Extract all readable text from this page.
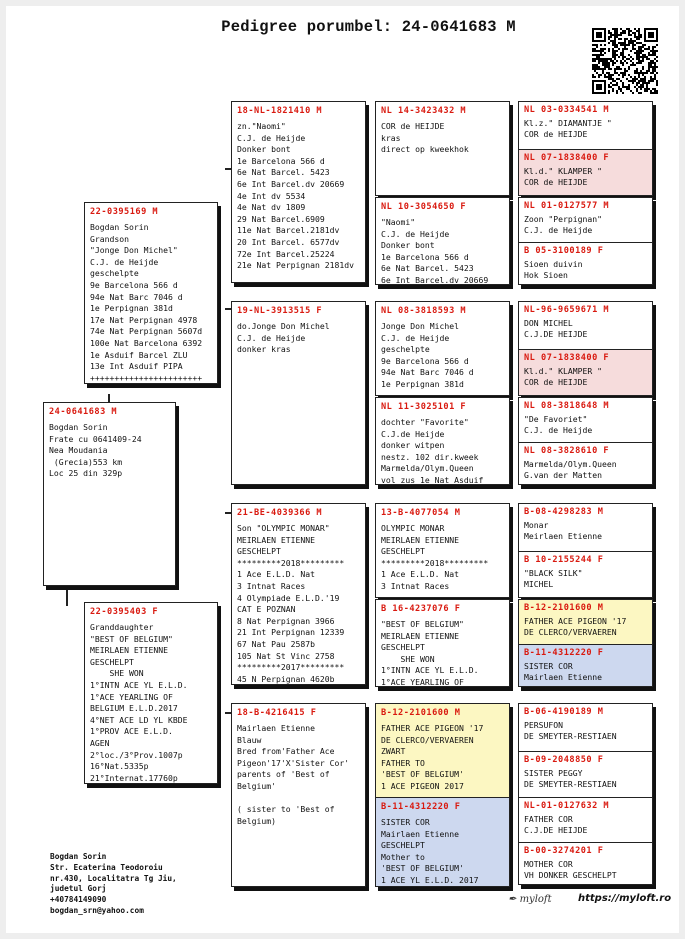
Pedigree porumbel: 24-0641683 M
24-0641683 M
Bogdan Sorin
Frate cu 0641409-24
Nea Moudania
(Grecia)553 km
Loc 25 din 329p
22-0395169 M
Bogdan Sorin
Grandson
"Jonge Don Michel"
C.J. de Heijde
geschelpte
9e Barcelona 566 d
94e Nat Barc 7046 d
1e Perpignan 381d
17e Nat Perpignan 4978
74e Nat Perpignan 5607d
100e Nat Barcelona 6392
1e Asduif Barcel ZLU
13e Int Asduif PIPA
+++++++++++++++++++++++
22-0395403 F
Granddaughter
"BEST OF BELGIUM"
MEIRLAEN ETIENNE
GESCHELPT
SHE WON
1°INTN ACE YL E.L.D.
1°ACE YEARLING OF
BELGIUM E.L.D.2017
4°NET ACE LD YL KBDE
1°PROV ACE E.L.D.
AGEN
2°loc./3°Prov.1007p
16°Nat.5335p
21°Internat.17760p
18-NL-1821410 M
zn."Naomi"
C.J. de Heijde
Donker bont
1e Barcelona 566 d
6e Nat Barcel. 5423
6e Int Barcel.dv 20669
4e Int dv 5534
4e Nat dv 1809
29 Nat Barcel.6909
11e Nat Barcel.2181dv
20 Int Barcel. 6577dv
72e Int Barcel.25224
21e Nat Perpignan 2181dv
19-NL-3913515 F
do.Jonge Don Michel
C.J. de Heijde
donker kras
21-BE-4039366 M
Son "OLYMPIC MONAR"
MEIRLAEN ETIENNE
GESCHELPT
*********2018*********
1 Ace E.L.D. Nat
3 Intnat Races
4 Olympiade E.L.D.'19
CAT E POZNAN
8 Nat Perpignan 3966
21 Int Perpignan 12339
67 Nat Pau 2587b
105 Nat St Vinc 2758
*********2017*********
45 N Perpignan 4620b
18-B-4216415 F
Mairlaen Etienne
Blauw
Bred from'Father Ace
Pigeon'17'X'Sister Cor'
parents of 'Best of
Belgium'

( sister to 'Best of
Belgium)
NL 14-3423432 M
COR de HEIJDE
kras
direct op kweekhok
NL 10-3054650 F
"Naomi"
C.J. de Heijde
Donker bont
1e Barcelona 566 d
6e Nat Barcel. 5423
6e Int Barcel.dv 20669
NL 08-3818593 M
Jonge Don Michel
C.J. de Heijde
geschelpte
9e Barcelona 566 d
94e Nat Barc 7046 d
1e Perpignan 381d
NL 11-3025101 F
dochter "Favorite"
C.J.de Heijde
donker witpen
nestz. 102 dir.kweek
Marmelda/Olym.Queen
vol zus 1e Nat Asduif
13-B-4077054 M
OLYMPIC MONAR
MEIRLAEN ETIENNE
GESCHELPT
*********2018*********
1 Ace E.L.D. Nat
3 Intnat Races
B 16-4237076 F
"BEST OF BELGIUM"
MEIRLAEN ETIENNE
GESCHELPT
SHE WON
1°INTN ACE YL E.L.D.
1°ACE YEARLING OF
B-12-2101600 M
FATHER ACE PIGEON '17
DE CLERCO/VERVAEREN
ZWART
FATHER TO
'BEST OF BELGIUM'
1 ACE PIGEON 2017
B-11-4312220 F
SISTER COR
Mairlaen Etienne
GESCHELPT
Mother to
'BEST OF BELGIUM'
1 ACE YL E.L.D. 2017
NL 03-0334541 M
Kl.z." DIAMANTJE "
COR de HEIJDE
NL 07-1838400 F
Kl.d." KLAMPER "
COR de HEIJDE
NL 01-0127577 M
Zoon "Perpignan"
C.J. de Heijde
B 05-3100189 F
Sioen duivin
Hok Sioen
NL-96-9659671 M
DON MICHEL
C.J.DE HEIJDE
NL 07-1838400 F
Kl.d." KLAMPER "
COR de HEIJDE
NL 08-3818648 M
"De Favoriet"
C.J. de Heijde
NL 08-3828610 F
Marmelda/Olym.Queen
G.van der Matten
B-08-4298283 M
Monar
Meirlaen Etienne
B 10-2155244 F
"BLACK SILK"
MICHEL
B-12-2101600 M
FATHER ACE PIGEON '17
DE CLERCO/VERVAEREN
B-11-4312220 F
SISTER COR
Mairlaen Etienne
B-06-4190189 M
PERSUFON
DE SMEYTER-RESTIAEN
B-09-2048850 F
SISTER PEGGY
DE SMEYTER-RESTIAEN
NL-01-0127632 M
FATHER COR
C.J.DE HEIJDE
B-00-3274201 F
MOTHER COR
VH DONKER GESCHELPT
Bogdan Sorin
Str. Ecaterina Teodoroiu
nr.430, Localitatra Tg Jiu,
judetul Gorj
+40784149090
bogdan_srn@yahoo.com
✒︎ myloft	https://myloft.ro
